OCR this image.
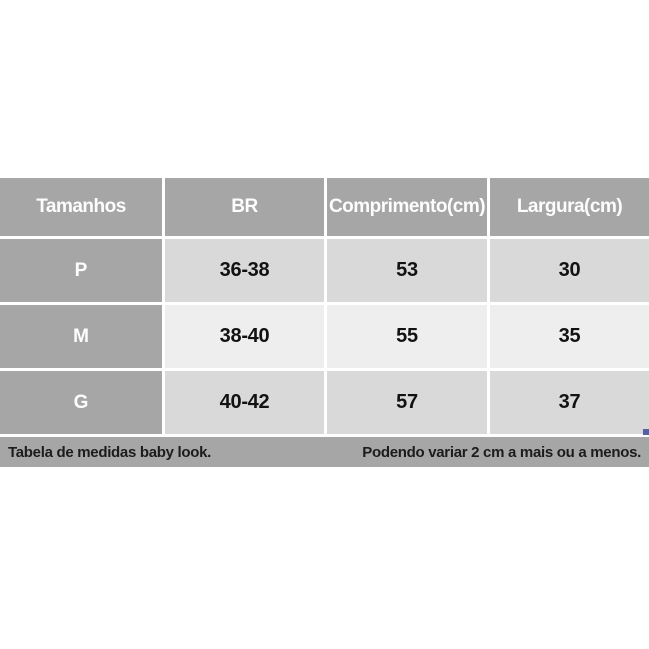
Tamanhos	BR	Comprimento(cm)	Largura(cm)
P	36-38	53	30
M	38-40	55	35
G	40-42	57	37
Tabela de medidas baby look.	Podendo variar 2 cm a mais ou a menos.
